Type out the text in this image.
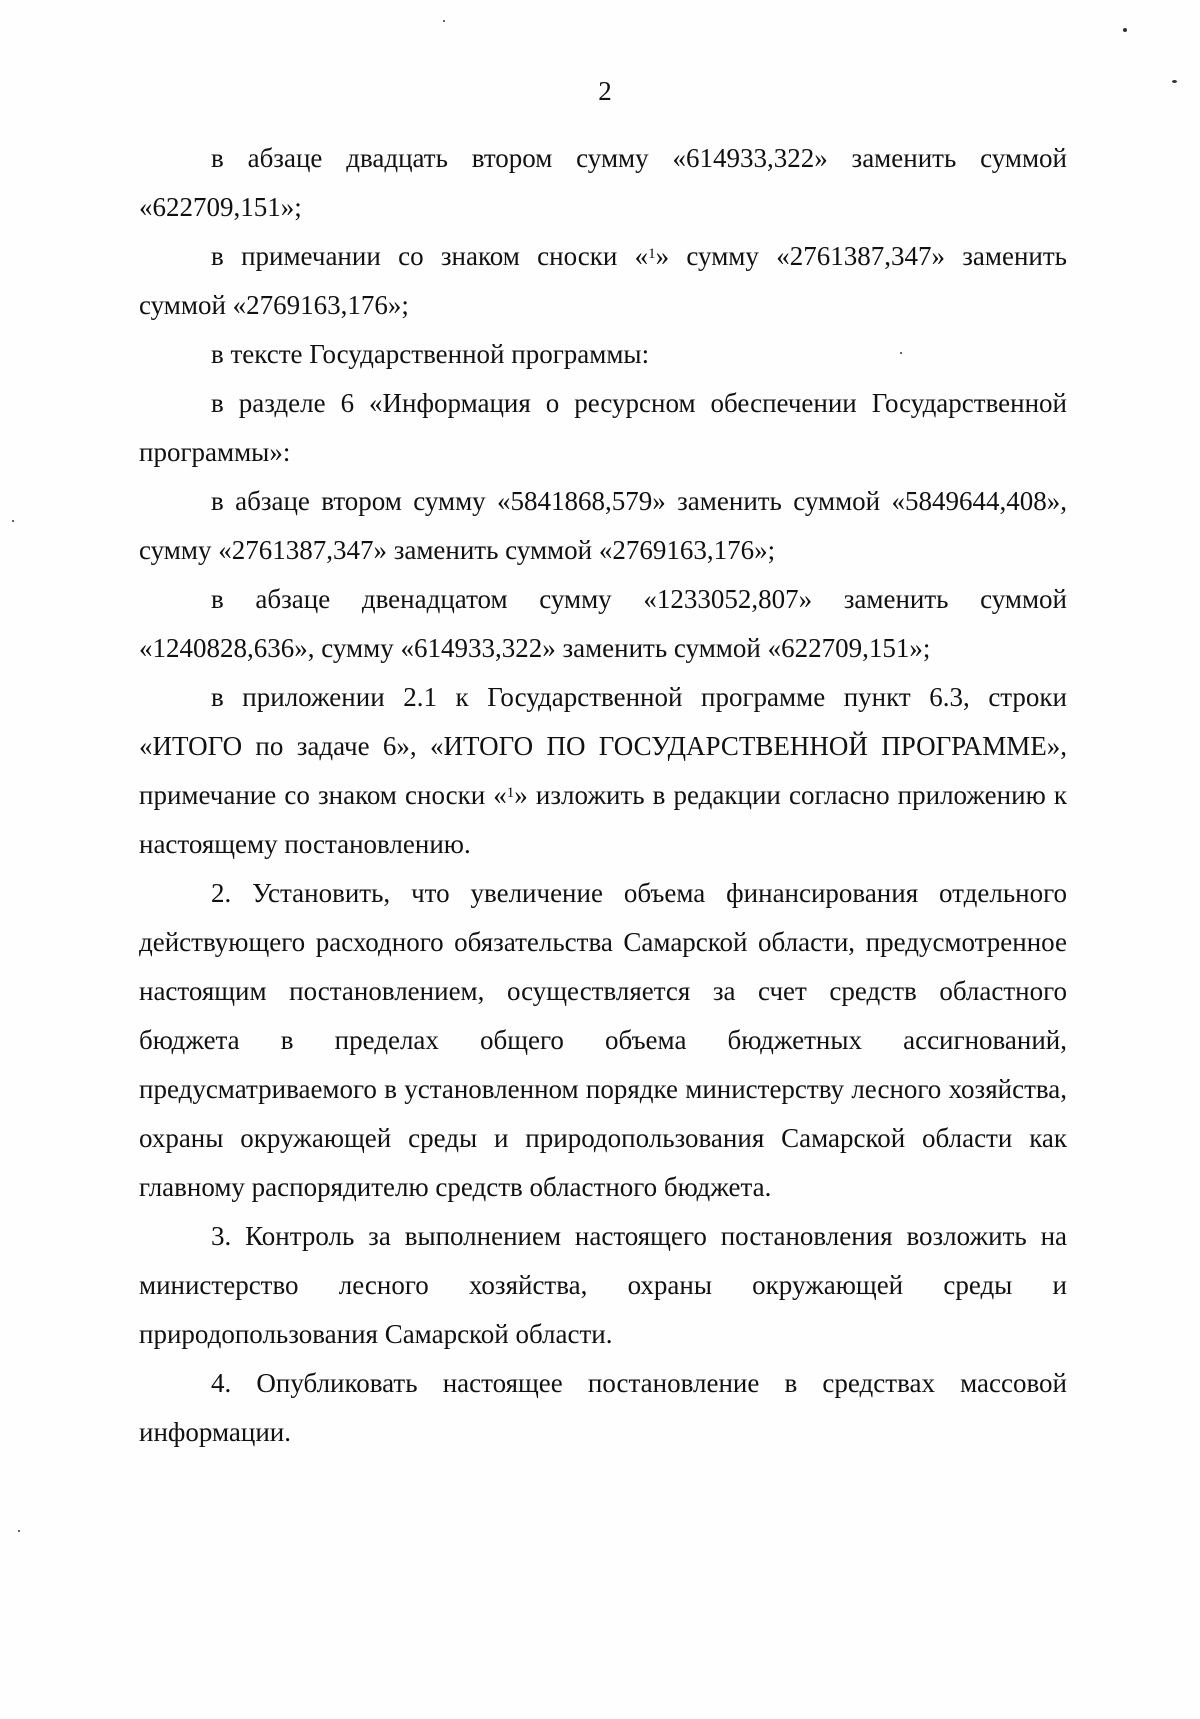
2

в абзаце двадцать втором сумму «614933,322» заменить суммой «622709,151»;

в примечании со знаком сноски «$^1$» сумму «2761387,347» заменить суммой «2769163,176»;

в тексте Государственной программы:

в разделе 6 «Информация о ресурсном обеспечении Государственной программы»:

в абзаце втором сумму «5841868,579» заменить суммой «5849644,408», сумму «2761387,347» заменить суммой «2769163,176»;

в абзаце двенадцатом сумму «1233052,807» заменить суммой «1240828,636», сумму «614933,322» заменить суммой «622709,151»;

в приложении 2.1 к Государственной программе пункт 6.3, строки «ИТОГО по задаче 6», «ИТОГО ПО ГОСУДАРСТВЕННОЙ ПРОГРАММЕ», примечание со знаком сноски «$^1$» изложить в редакции согласно приложению к настоящему постановлению.

2. Установить, что увеличение объема финансирования отдельного действующего расходного обязательства Самарской области, предусмотренное настоящим постановлением, осуществляется за счет средств областного бюджета в пределах общего объема бюджетных ассигнований, предусматриваемого в установленном порядке министерству лесного хозяйства, охраны окружающей среды и природопользования Самарской области как главному распорядителю средств областного бюджета.

3. Контроль за выполнением настоящего постановления возложить на министерство лесного хозяйства, охраны окружающей среды и природопользования Самарской области.

4. Опубликовать настоящее постановление в средствах массовой информации.
